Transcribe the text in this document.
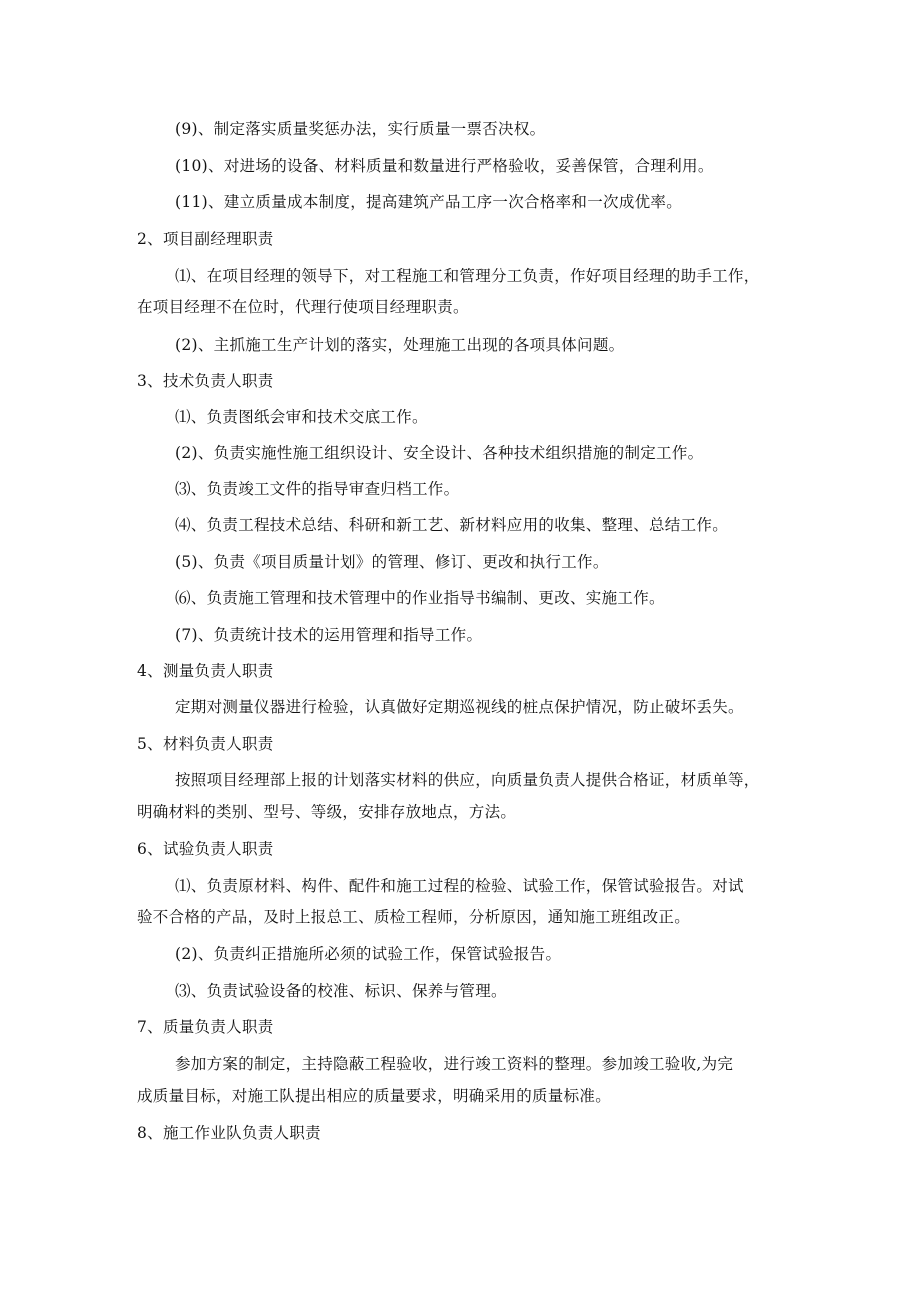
(9)、制定落实质量奖惩办法，实行质量一票否决权。
(10)、对进场的设备、材料质量和数量进行严格验收，妥善保管，合理利用。
(11)、建立质量成本制度，提高建筑产品工序一次合格率和一次成优率。
2、项目副经理职责
⑴、在项目经理的领导下，对工程施工和管理分工负责，作好项目经理的助手工作，
在项目经理不在位时，代理行使项目经理职责。
(2)、主抓施工生产计划的落实，处理施工出现的各项具体问题。
3、技术负责人职责
⑴、负责图纸会审和技术交底工作。
(2)、负责实施性施工组织设计、安全设计、各种技术组织措施的制定工作。
⑶、负责竣工文件的指导审查归档工作。
⑷、负责工程技术总结、科研和新工艺、新材料应用的收集、整理、总结工作。
(5)、负责《项目质量计划》的管理、修订、更改和执行工作。
⑹、负责施工管理和技术管理中的作业指导书编制、更改、实施工作。
(7)、负责统计技术的运用管理和指导工作。
4、测量负责人职责
定期对测量仪器进行检验，认真做好定期巡视线的桩点保护情况，防止破坏丢失。
5、材料负责人职责
按照项目经理部上报的计划落实材料的供应，向质量负责人提供合格证，材质单等，
明确材料的类别、型号、等级，安排存放地点，方法。
6、试验负责人职责
⑴、负责原材料、构件、配件和施工过程的检验、试验工作，保管试验报告。对试
验不合格的产品，及时上报总工、质检工程师，分析原因，通知施工班组改正。
(2)、负责纠正措施所必须的试验工作，保管试验报告。
⑶、负责试验设备的校准、标识、保养与管理。
7、质量负责人职责
参加方案的制定，主持隐蔽工程验收，进行竣工资料的整理。参加竣工验收,为完
成质量目标，对施工队提出相应的质量要求，明确采用的质量标准。
8、施工作业队负责人职责
